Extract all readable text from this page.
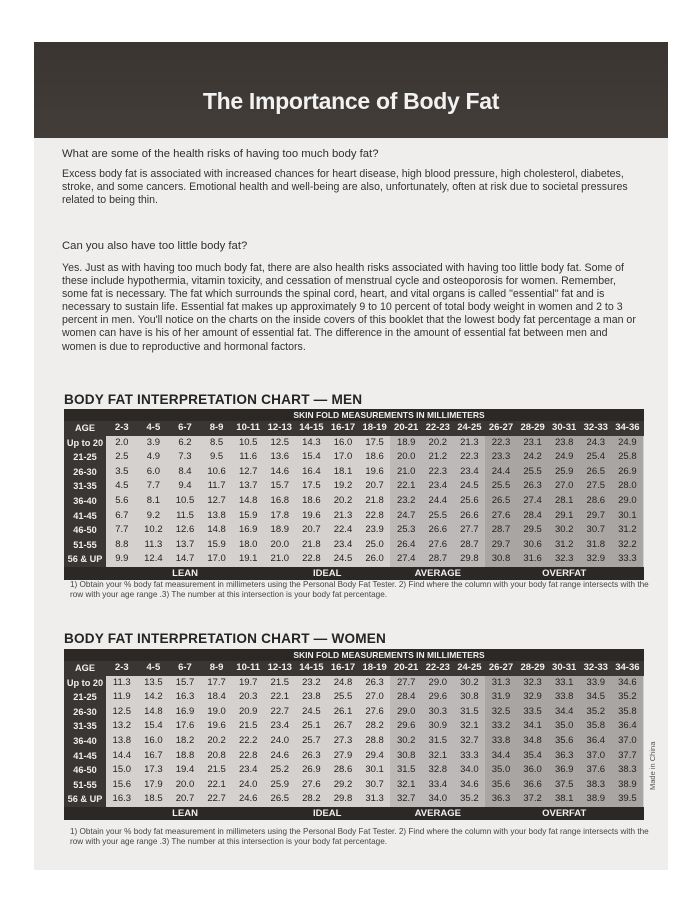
The Importance of Body Fat
What are some of the health risks of having too much body fat?
Excess body fat is associated with increased chances for heart disease, high blood pressure, high cholesterol, diabetes, stroke, and some cancers. Emotional health and well-being are also, unfortunately, often at risk due to societal pressures related to being thin.
Can you also have too little body fat?
Yes. Just as with having too much body fat, there are also health risks associated with having too little body fat. Some of these include hypothermia, vitamin toxicity, and cessation of menstrual cycle and osteoporosis for women. Remember, some fat is necessary. The fat which surrounds the spinal cord, heart, and vital organs is called "essential" fat and is necessary to sustain life. Essential fat makes up approximately 9 to 10 percent of total body weight in women and 2 to 3 percent in men. You'll notice on the charts on the inside covers of this booklet that the lowest body fat percentage a man or women can have is his of her amount of essential fat. The difference in the amount of essential fat between men and women is due to reproductive and hormonal factors.
BODY FAT INTERPRETATION CHART — MEN
SKIN FOLD MEASUREMENTS IN MILLIMETERS
AGE	2-3	4-5	6-7	8-9	10-11 12-13 14-15 16-17 18-19 20-21 22-23 24-25 26-27 28-29 30-31 32-33 34-36
Up to 20	2.0	3.9	6.2	8.5	10.5	12.5	14.3	16.0	17.5	18.9	20.2	21.3	22.3	23.1	23.8	24.3	24.9
21-25	2.5	4.9	7.3	9.5	11.6	13.6	15.4	17.0	18.6	20.0	21.2	22.3	23.3	24.2	24.9	25.4	25.8
26-30	3.5	6.0	8.4	10.6	12.7	14.6	16.4	18.1	19.6	21.0	22.3	23.4	24.4	25.5	25.9	26.5	26.9
31-35	4.5	7.7	9.4	11.7	13.7	15.7	17.5	19.2	20.7	22.1	23.4	24.5	25.5	26.3	27.0	27.5	28.0
36-40	5.6	8.1	10.5	12.7	14.8	16.8	18.6	20.2	21.8	23.2	24.4	25.6	26.5	27.4	28.1	28.6	29.0
41-45	6.7	9.2	11.5	13.8	15.9	17.8	19.6	21.3	22.8	24.7	25.5	26.6	27.6	28.4	29.1	29.7	30.1
46-50	7.7	10.2	12.6	14.8	16.9	18.9	20.7	22.4	23.9	25.3	26.6	27.7	28.7	29.5	30.2	30.7	31.2
51-55	8.8	11.3	13.7	15.9	18.0	20.0	21.8	23.4	25.0	26.4	27.6	28.7	29.7	30.6	31.2	31.8	32.2
56 & UP	9.9	12.4	14.7	17.0	19.1	21.0	22.8	24.5	26.0	27.4	28.7	29.8	30.8	31.6	32.3	32.9	33.3
LEAN	IDEAL	AVERAGE	OVERFAT
1) Obtain your % body fat measurement in millimeters using the Personal Body Fat Tester. 2) Find where the column with your body fat range intersects with the row with your age range .3) The number at this intersection is your body fat percentage.
BODY FAT INTERPRETATION CHART — WOMEN
SKIN FOLD MEASUREMENTS IN MILLIMETERS
AGE	2-3	4-5	6-7	8-9	10-11 12-13 14-15 16-17 18-19 20-21 22-23 24-25 26-27 28-29 30-31 32-33 34-36
Up to 20	11.3	13.5	15.7	17.7	19.7	21.5	23.2	24.8	26.3	27.7	29.0	30.2	31.3	32.3	33.1	33.9	34.6
21-25	11.9	14.2	16.3	18.4	20.3	22.1	23.8	25.5	27.0	28.4	29.6	30.8	31.9	32.9	33.8	34.5	35.2
26-30	12.5	14.8	16.9	19.0	20.9	22.7	24.5	26.1	27.6	29.0	30.3	31.5	32.5	33.5	34.4	35.2	35.8
31-35	13.2	15.4	17.6	19.6	21.5	23.4	25.1	26.7	28.2	29.6	30.9	32.1	33.2	34.1	35.0	35.8	36.4
36-40	13.8	16.0	18.2	20.2	22.2	24.0	25.7	27.3	28.8	30.2	31.5	32.7	33.8	34.8	35.6	36.4	37.0
41-45	14.4	16.7	18.8	20.8	22.8	24.6	26.3	27.9	29.4	30.8	32.1	33.3	34.4	35.4	36.3	37.0	37.7
46-50	15.0	17.3	19.4	21.5	23.4	25.2	26.9	28.6	30.1	31.5	32.8	34.0	35.0	36.0	36.9	37.6	38.3
51-55	15.6	17.9	20.0	22.1	24.0	25.9	27.6	29.2	30.7	32.1	33.4	34.6	35.6	36.6	37.5	38.3	38.9
56 & UP	16.3	18.5	20.7	22.7	24.6	26.5	28.2	29.8	31.3	32.7	34.0	35.2	36.3	37.2	38.1	38.9	39.5
LEAN	IDEAL	AVERAGE	OVERFAT
1) Obtain your % body fat measurement in millimeters using the Personal Body Fat Tester. 2) Find where the column with your body fat range intersects with the row with your age range .3) The number at this intersection is your body fat percentage.
Made in China
